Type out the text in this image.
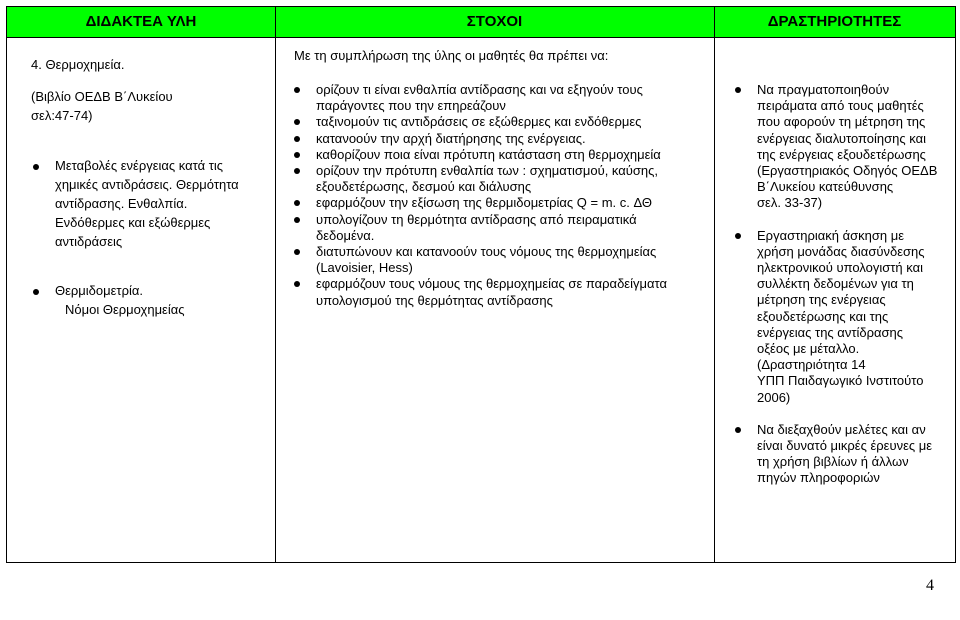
ΔΙΔΑΚΤΕΑ ΥΛΗ	ΣΤΟΧΟΙ	ΔΡΑΣΤΗΡΙΟΤΗΤΕΣ
4. Θερμοχημεία.
(Βιβλίο ΟΕΔΒ Β΄Λυκείου
σελ:47-74)
Μεταβολές ενέργειας κατά τις
χημικές αντιδράσεις. Θερμότητα
αντίδρασης. Ενθαλπία.
Ενδόθερμες και εξώθερμες
αντιδράσεις
Θερμιδομετρία.
Νόμοι Θερμοχημείας
Με τη συμπλήρωση της ύλης οι μαθητές θα πρέπει να:
ορίζουν τι είναι ενθαλπία αντίδρασης και να εξηγούν τους
παράγοντες που την επηρεάζουν
ταξινομούν τις αντιδράσεις σε εξώθερμες και ενδόθερμες
κατανοούν την αρχή διατήρησης της ενέργειας.
καθορίζουν ποια είναι πρότυπη κατάσταση στη θερμοχημεία
ορίζουν την πρότυπη ενθαλπία των : σχηματισμού, καύσης,
εξουδετέρωσης, δεσμού και διάλυσης
εφαρμόζουν την εξίσωση της θερμιδομετρίας Q = m. c. ΔΘ
υπολογίζουν τη θερμότητα αντίδρασης από πειραματικά
δεδομένα.
διατυπώνουν και κατανοούν τους νόμους της θερμοχημείας
(Lavoisier, Hess)
εφαρμόζουν τους νόμους της θερμοχημείας σε παραδείγματα
υπολογισμού της θερμότητας αντίδρασης
Να πραγματοποιηθούν
πειράματα από τους μαθητές
που αφορούν τη μέτρηση της
ενέργειας διαλυτοποίησης και
της ενέργειας εξουδετέρωσης
(Εργαστηριακός Οδηγός ΟΕΔΒ
Β΄Λυκείου κατεύθυνσης
σελ. 33-37)
Εργαστηριακή άσκηση με
χρήση μονάδας διασύνδεσης
ηλεκτρονικού υπολογιστή και
συλλέκτη δεδομένων για τη
μέτρηση της ενέργειας
εξουδετέρωσης και της
ενέργειας της αντίδρασης
οξέος με μέταλλο.
(Δραστηριότητα 14
ΥΠΠ Παιδαγωγικό Ινστιτούτο
2006)
Να διεξαχθούν μελέτες και αν
είναι δυνατό μικρές έρευνες με
τη χρήση βιβλίων ή άλλων
πηγών πληροφοριών
4
